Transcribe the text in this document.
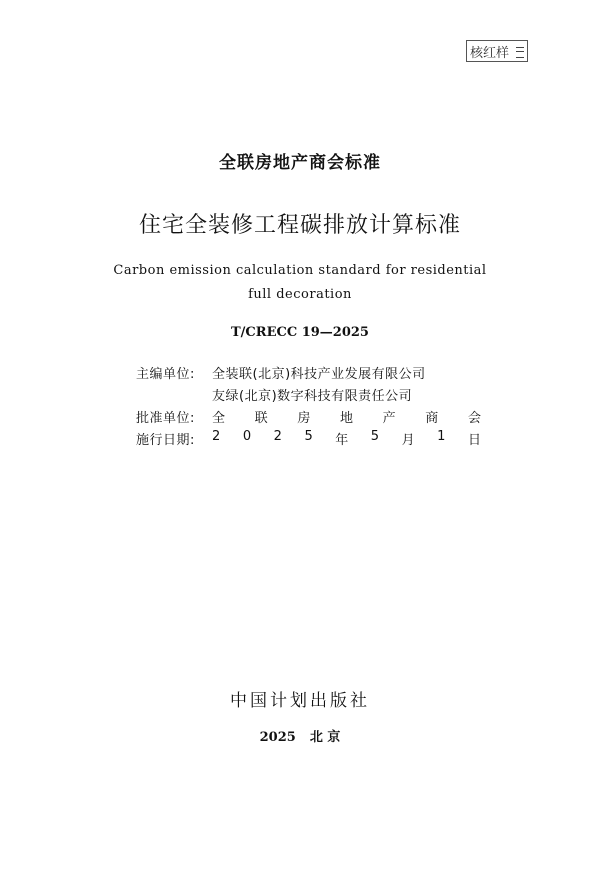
核红样
全联房地产商会标准
住宅全装修工程碳排放计算标准
Carbon emission calculation standard for residential
full decoration
T/CRECC 19—2025
主编单位:	全装联(北京)科技产业发展有限公司
友绿(北京)数字科技有限责任公司
批准单位:	全 联 房 地 产 商 会
施行日期:	2 0 2 5 年 5 月 1 日
中国计划出版社
2025 北 京
